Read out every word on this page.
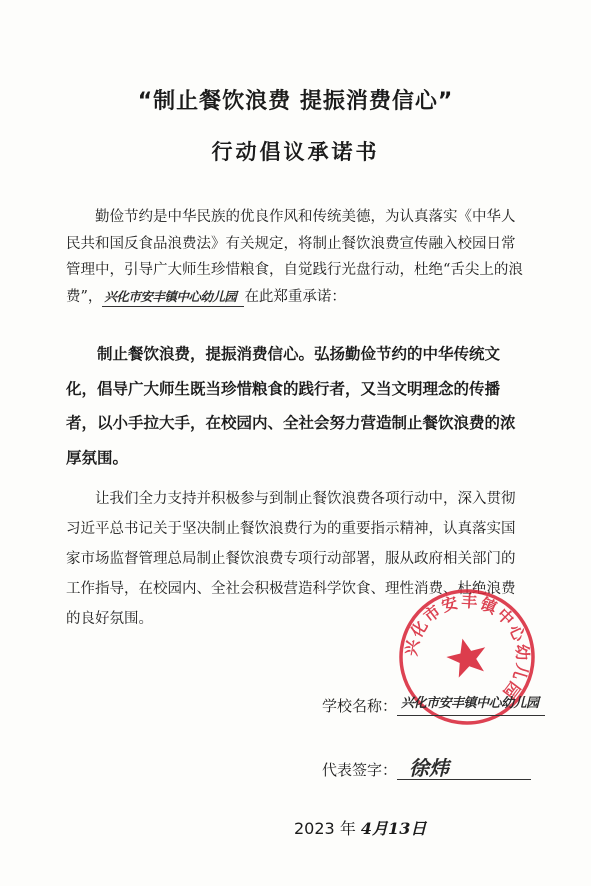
“制止餐饮浪费 提振消费信心”
行动倡议承诺书

勤俭节约是中华民族的优良作风和传统美德，为认真落实《中华人民共和国反食品浪费法》有关规定，将制止餐饮浪费宣传融入校园日常管理中，引导广大师生珍惜粮食，自觉践行光盘行动，杜绝“舌尖上的浪费”， 兴化市安丰镇中心幼儿园 在此郑重承诺：

制止餐饮浪费，提振消费信心。弘扬勤俭节约的中华传统文化，倡导广大师生既当珍惜粮食的践行者，又当文明理念的传播者，以小手拉大手，在校园内、全社会努力营造制止餐饮浪费的浓厚氛围。

让我们全力支持并积极参与到制止餐饮浪费各项行动中，深入贯彻习近平总书记关于坚决制止餐饮浪费行为的重要指示精神，认真落实国家市场监督管理总局制止餐饮浪费专项行动部署，服从政府相关部门的工作指导，在校园内、全社会积极营造科学饮食、理性消费、杜绝浪费的良好氛围。

兴化市安丰镇中心幼儿园
学校名称： 兴化市安丰镇中心幼儿园
代表签字： 徐炜
2023 年 4月13日
